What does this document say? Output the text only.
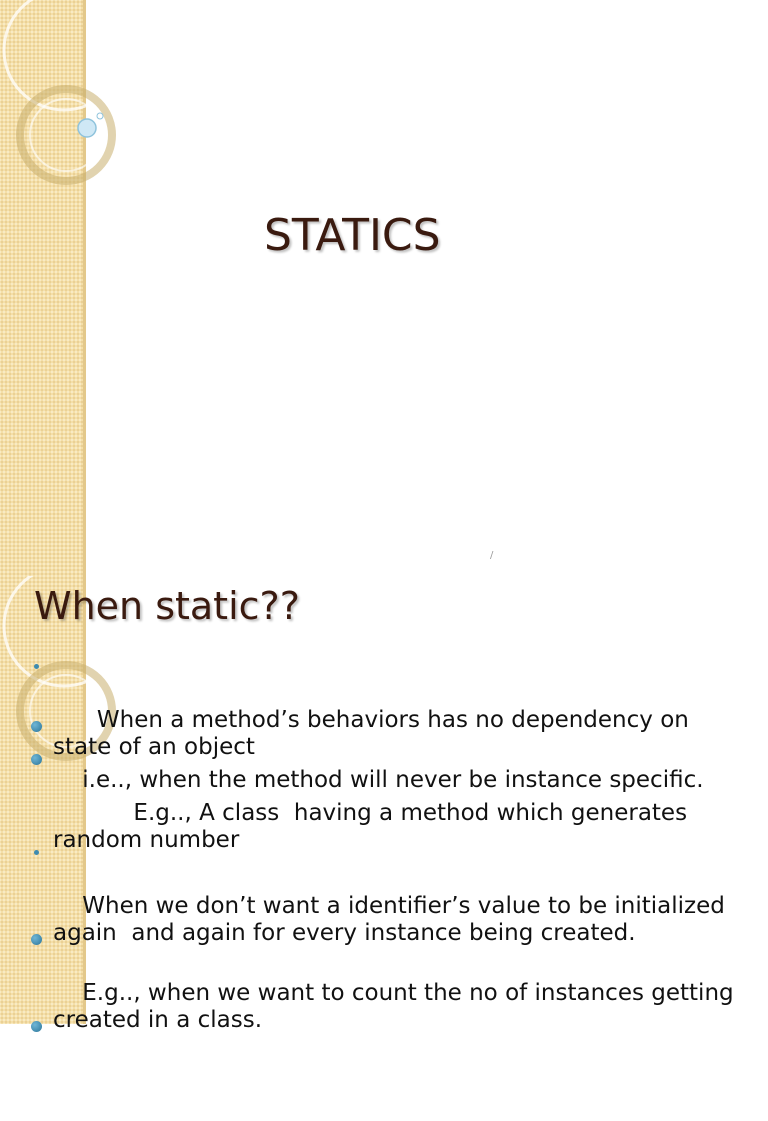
STATICS
/
When static??

When a method’s behaviors has no dependency on state of an object

i.e.., when the method will never be instance specific.

E.g.., A class  having a method which generates random number

When we don’t want a identifier’s value to be initialized again  and again for every instance being created.

E.g.., when we want to count the no of instances getting created in a class.
